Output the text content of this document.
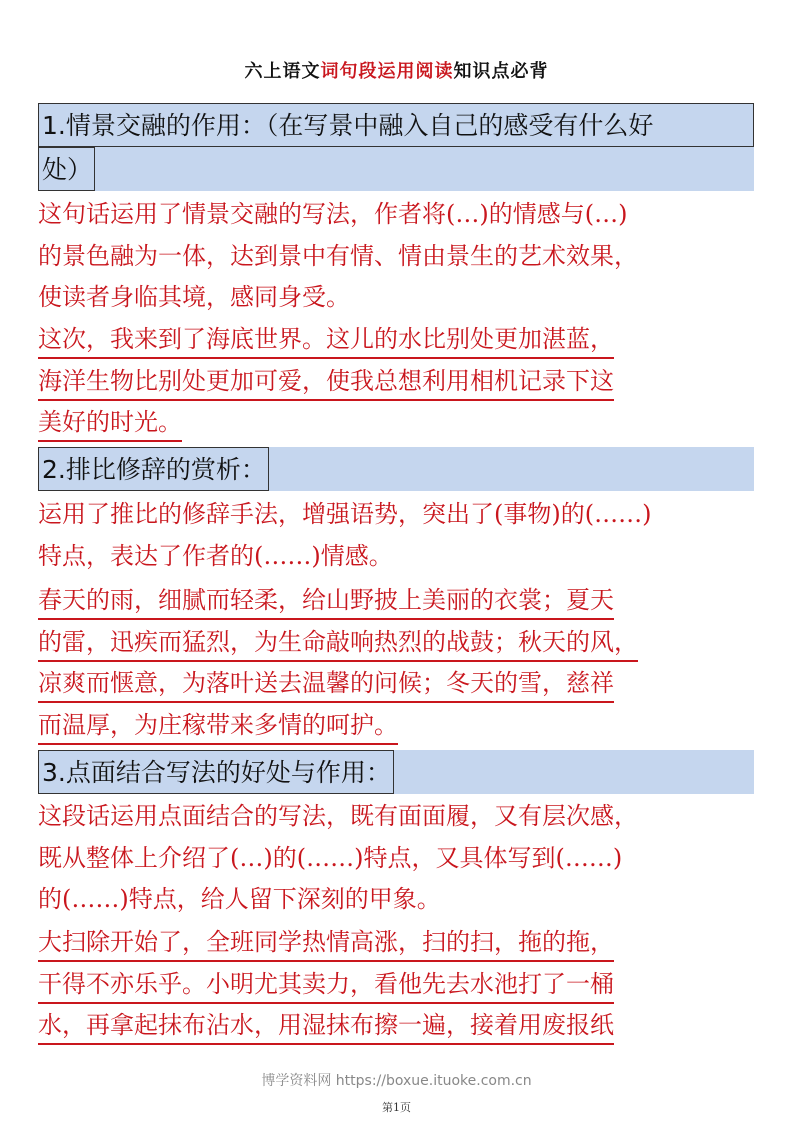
六上语文词句段运用阅读知识点必背
1.情景交融的作用：（在写景中融入自己的感受有什么好
处）
这句话运用了情景交融的写法，作者将(…)的情感与(…)
的景色融为一体，达到景中有情、情由景生的艺术效果，
使读者身临其境，感同身受。
这次，我来到了海底世界。这儿的水比别处更加湛蓝，
海洋生物比别处更加可爱，使我总想利用相机记录下这
美好的时光。
2.排比修辞的赏析：
运用了推比的修辞手法，增强语势，突出了(事物)的(……)
特点，表达了作者的(……)情感。
春天的雨，细腻而轻柔，给山野披上美丽的衣裳；夏天
的雷，迅疾而猛烈，为生命敲响热烈的战鼓；秋天的风，
凉爽而惬意，为落叶送去温馨的问候；冬天的雪，慈祥
而温厚，为庄稼带来多情的呵护。
3.点面结合写法的好处与作用：
这段话运用点面结合的写法，既有面面履，又有层次感，
既从整体上介绍了(…)的(……)特点，又具体写到(……)
的(……)特点，给人留下深刻的甲象。
大扫除开始了，全班同学热情高涨，扫的扫，拖的拖，
干得不亦乐乎。小明尤其卖力，看他先去水池打了一桶
水，再拿起抹布沾水，用湿抹布擦一遍，接着用废报纸
博学资料网 https://boxue.ituoke.com.cn
第1页
